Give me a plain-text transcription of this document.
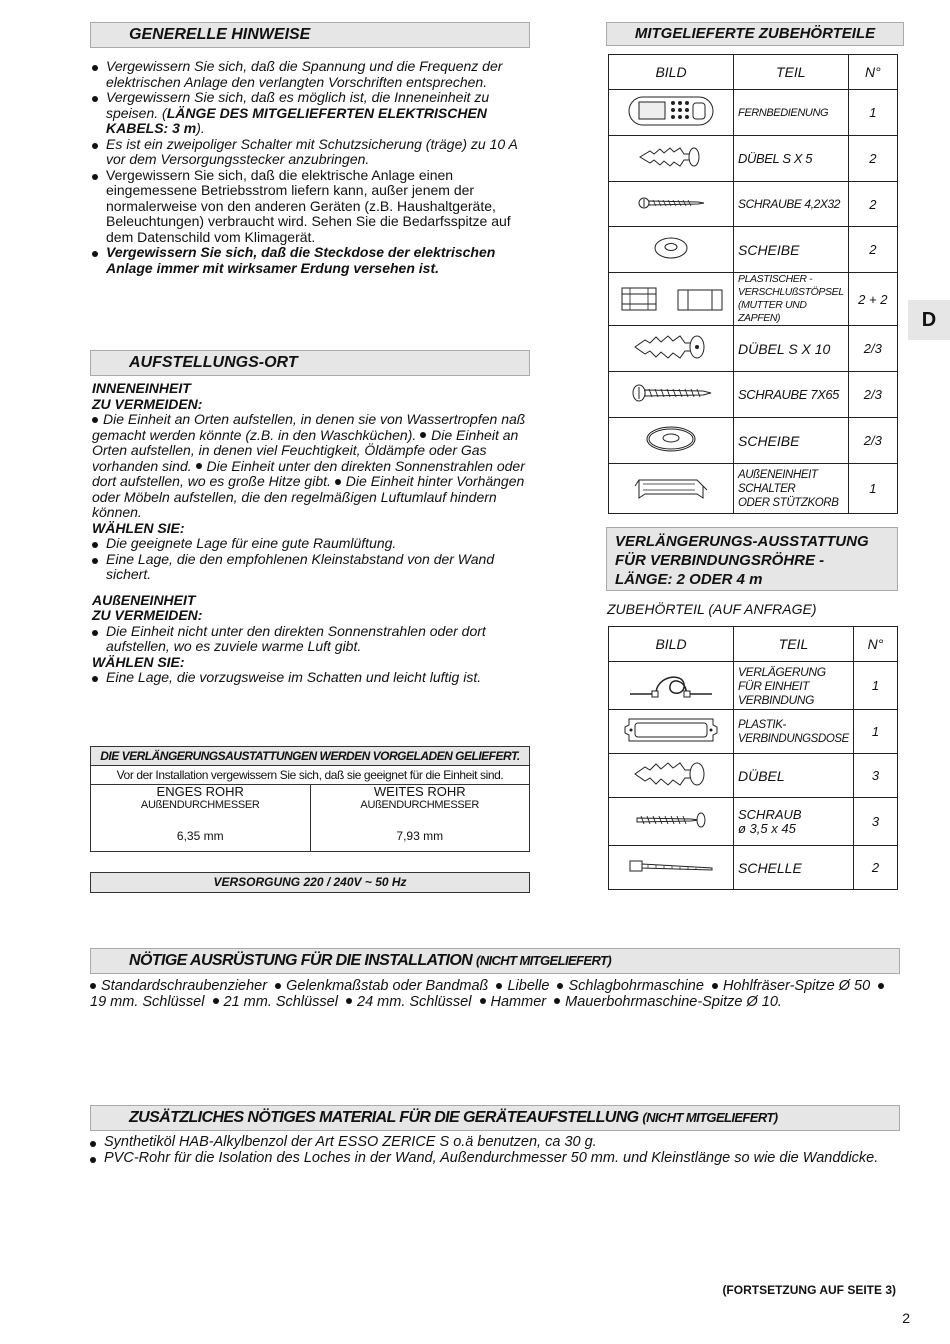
GENERELLE HINWEISE
Vergewissern Sie sich, daß die Spannung und die Frequenz der elektrischen Anlage den verlangten Vorschriften entsprechen.
Vergewissern Sie sich, daß es möglich ist, die Inneneinheit zu speisen. (LÄNGE DES MITGELIEFERTEN ELEKTRISCHEN KABELS: 3 m).
Es ist ein zweipoliger Schalter mit Schutzsicherung (träge) zu 10 A vor dem Versorgungsstecker anzubringen.
Vergewissern Sie sich, daß die elektrische Anlage einen eingemessene Betriebsstrom liefern kann, außer jenem der normalerweise von den anderen Geräten (z.B. Haushaltgeräte, Beleuchtungen) verbraucht wird. Sehen Sie die Bedarfsspitze auf dem Datenschild vom Klimagerät.
Vergewissern Sie sich, daß die Steckdose der elektrischen Anlage immer mit wirksamer Erdung versehen ist.
AUFSTELLUNGS-ORT
INNENEINHEIT
ZU VERMEIDEN:
Die Einheit an Orten aufstellen, in denen sie von Wassertropfen naß gemacht werden könnte (z.B. in den Waschküchen). Die Einheit an Orten aufstellen, in denen viel Feuchtigkeit, Öldämpfe oder Gas vorhanden sind. Die Einheit unter den direkten Sonnenstrahlen oder dort aufstellen, wo es große Hitze gibt. Die Einheit hinter Vorhängen oder Möbeln aufstellen, die den regelmäßigen Luftumlauf hindern können.
WÄHLEN SIE:
Die geeignete Lage für eine gute Raumlüftung.
Eine Lage, die den empfohlenen Kleinstabstand von der Wand sichert.
AUßENEINHEIT
ZU VERMEIDEN:
Die Einheit nicht unter den direkten Sonnenstrahlen oder dort aufstellen, wo es zuviele warme Luft gibt.
WÄHLEN SIE:
Eine Lage, die vorzugsweise im Schatten und leicht luftig ist.
DIE VERLÄNGERUNGSAUSTATTUNGEN WERDEN VORGELADEN GELIEFERT.
Vor der Installation vergewissern Sie sich, daß sie geeignet für die Einheit sind.
ENGES ROHR
AUßENDURCHMESSER
6,35 mm
WEITES ROHR
AUßENDURCHMESSER
7,93 mm
VERSORGUNG 220 / 240V ~ 50 Hz
MITGELIEFERTE ZUBEHÖRTEILE
BILD	TEIL	N°
	FERNBEDIENUNG	1
	DÜBEL S X 5	2
	SCHRAUBE 4,2X32	2
	SCHEIBE	2

PLASTISCHER -
VERSCHLUßSTÖPSEL
(MUTTER UND ZAPFEN)	2 + 2
	DÜBEL S X 10	2/3
	SCHRAUBE 7X65	2/3
	SCHEIBE	2/3

AUßENEINHEIT
SCHALTER
ODER STÜTZKORB	1
D
VERLÄNGERUNGS-AUSSTATTUNG
FÜR VERBINDUNGSRÖHRE -
LÄNGE: 2 ODER 4 m
ZUBEHÖRTEIL (AUF ANFRAGE)
BILD	TEIL	N°

VERLÄGERUNG
FÜR EINHEIT
VERBINDUNG	1

PLASTIK-
VERBINDUNGSDOSE	1
	DÜBEL	3

SCHRAUB
ø 3,5 x 45	3
	SCHELLE	2
NÖTIGE AUSRÜSTUNG FÜR DIE INSTALLATION (NICHT MITGELIEFERT)
Standardschraubenzieher Gelenkmaßstab oder Bandmaß Libelle Schlagbohrmaschine Hohlfräser-Spitze Ø 50  19 mm. Schlüssel 21 mm. Schlüssel 24 mm. Schlüssel Hammer Mauerbohrmaschine-Spitze Ø 10.
ZUSÄTZLICHES NÖTIGES MATERIAL FÜR DIE GERÄTEAUFSTELLUNG (NICHT MITGELIEFERT)
Synthetiköl HAB-Alkylbenzol der Art ESSO ZERICE S o.ä benutzen, ca 30 g.
PVC-Rohr für die Isolation des Loches in der Wand, Außendurchmesser 50 mm. und Kleinstlänge so wie die Wanddicke.
(FORTSETZUNG AUF SEITE 3)
2
